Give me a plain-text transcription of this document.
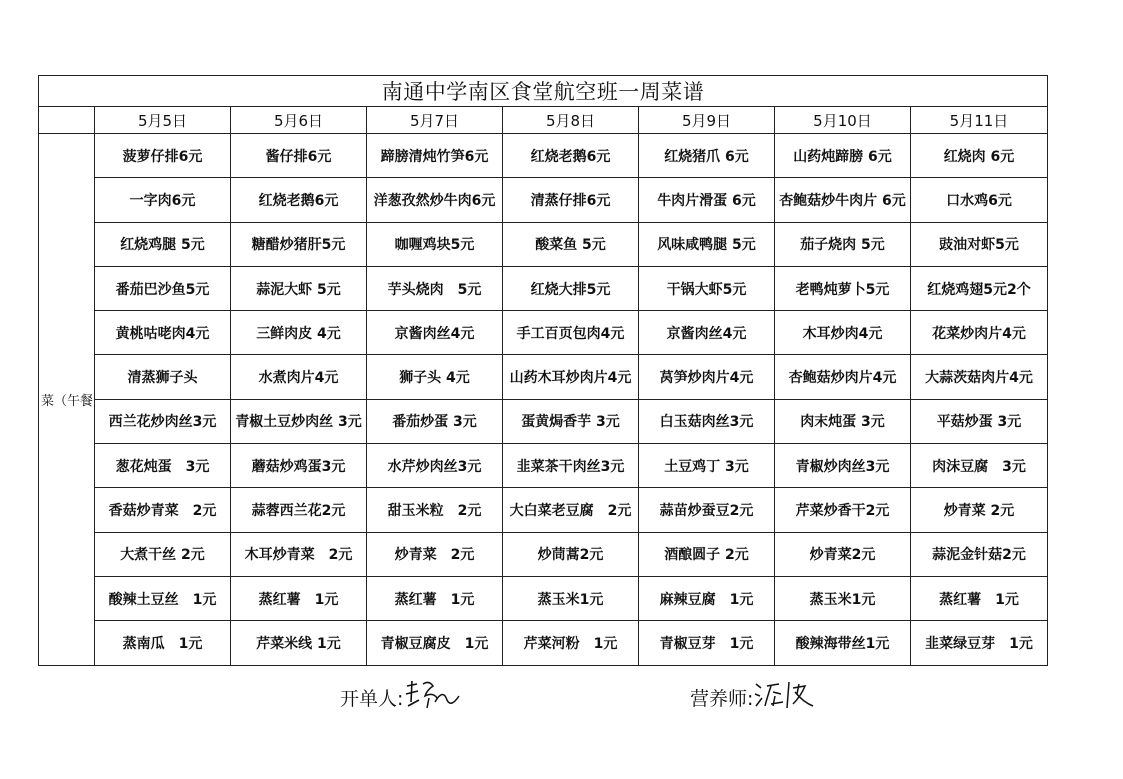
南通中学南区食堂航空班一周菜谱							
	5月5日	5月6日	5月7日	5月8日	5月9日	5月10日	5月11日
菜（午餐	菠萝仔排6元	酱仔排6元	蹄膀清炖竹笋6元	红烧老鹅6元	红烧猪爪 6元	山药炖蹄膀 6元	红烧肉 6元
	一字肉6元	红烧老鹅6元	洋葱孜然炒牛肉6元	清蒸仔排6元	牛肉片滑蛋 6元	杏鲍菇炒牛肉片 6元	口水鸡6元
	红烧鸡腿 5元	糖醋炒猪肝5元	咖喱鸡块5元	酸菜鱼 5元	风味咸鸭腿 5元	茄子烧肉 5元	豉油对虾5元
	番茄巴沙鱼5元	蒜泥大虾 5元	芋头烧肉　5元	红烧大排5元	干锅大虾5元	老鸭炖萝卜5元	红烧鸡翅5元2个
	黄桃咕咾肉4元	三鲜肉皮 4元	京酱肉丝4元	手工百页包肉4元	京酱肉丝4元	木耳炒肉4元	花菜炒肉片4元
	清蒸狮子头	水煮肉片4元	狮子头 4元	山药木耳炒肉片4元	莴笋炒肉片4元	杏鲍菇炒肉片4元	大蒜茨菇肉片4元
	西兰花炒肉丝3元	青椒土豆炒肉丝 3元	番茄炒蛋 3元	蛋黄焗香芋 3元	白玉菇肉丝3元	肉末炖蛋 3元	平菇炒蛋 3元
	葱花炖蛋　3元	蘑菇炒鸡蛋3元	水芹炒肉丝3元	韭菜茶干肉丝3元	土豆鸡丁 3元	青椒炒肉丝3元	肉沫豆腐　3元
	香菇炒青菜　2元	蒜蓉西兰花2元	甜玉米粒　2元	大白菜老豆腐　2元	蒜苗炒蚕豆2元	芹菜炒香干2元	炒青菜 2元
	大煮干丝 2元	木耳炒青菜　2元	炒青菜　2元	炒茼蒿2元	酒酿圆子 2元	炒青菜2元	蒜泥金针菇2元
	酸辣土豆丝　1元	蒸红薯　1元	蒸红薯　1元	蒸玉米1元	麻辣豆腐　1元	蒸玉米1元	蒸红薯　1元
	蒸南瓜　1元	芹菜米线 1元	青椒豆腐皮　1元	芹菜河粉　1元	青椒豆芽　1元	酸辣海带丝1元	韭菜绿豆芽　1元
开单人:	营养师:
